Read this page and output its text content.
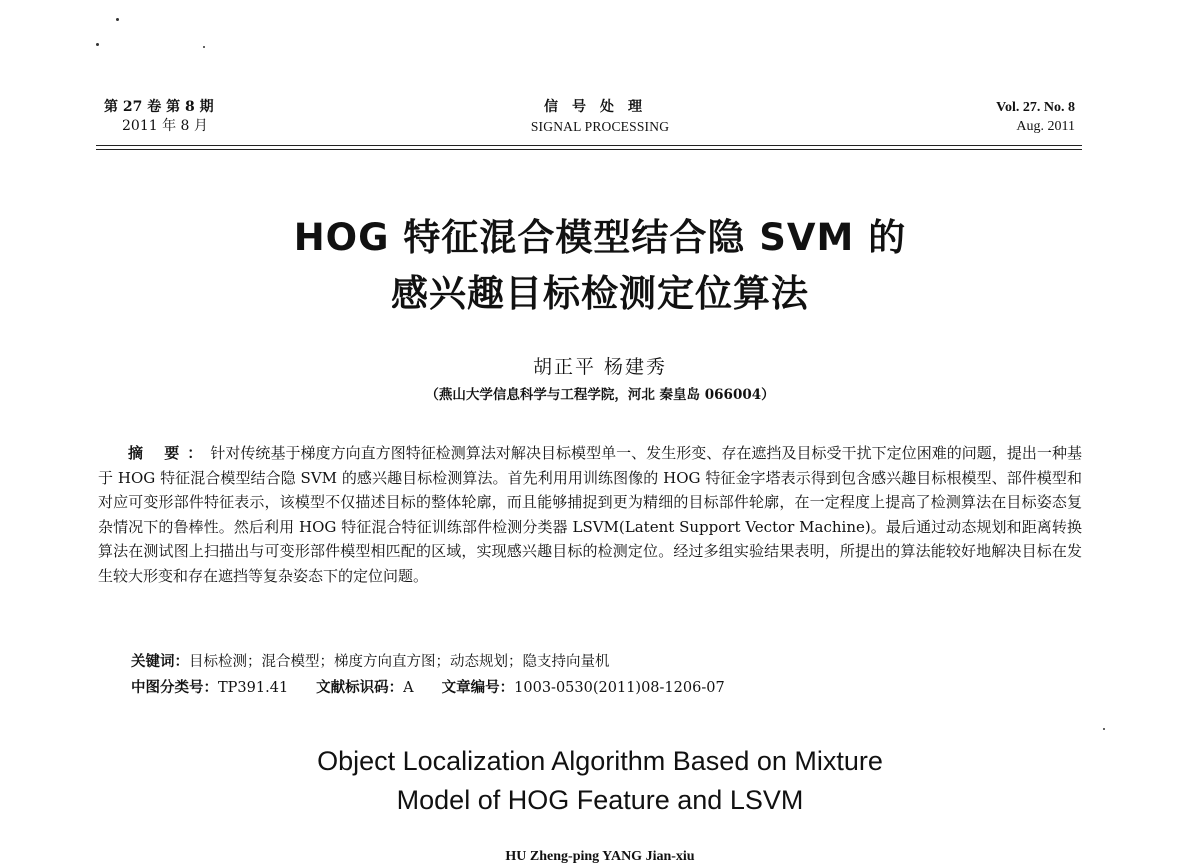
第 27 卷 第 8 期
2011 年 8 月
信号处理
SIGNAL PROCESSING
Vol. 27. No. 8
Aug. 2011
HOG 特征混合模型结合隐 SVM 的
感兴趣目标检测定位算法
胡正平 杨建秀
（燕山大学信息科学与工程学院，河北 秦皇岛 066004）
摘 要：针对传统基于梯度方向直方图特征检测算法对解决目标模型单一、发生形变、存在遮挡及目标受干扰下定位困难的问题，提出一种基于 HOG 特征混合模型结合隐 SVM 的感兴趣目标检测算法。首先利用用训练图像的 HOG 特征金字塔表示得到包含感兴趣目标根模型、部件模型和对应可变形部件特征表示，该模型不仅描述目标的整体轮廓，而且能够捕捉到更为精细的目标部件轮廓，在一定程度上提高了检测算法在目标姿态复杂情况下的鲁棒性。然后利用 HOG 特征混合特征训练部件检测分类器 LSVM(Latent Support Vector Machine)。最后通过动态规划和距离转换算法在测试图上扫描出与可变形部件模型相匹配的区域，实现感兴趣目标的检测定位。经过多组实验结果表明，所提出的算法能较好地解决目标在发生较大形变和存在遮挡等复杂姿态下的定位问题。
关键词：目标检测；混合模型；梯度方向直方图；动态规划；隐支持向量机
中图分类号：TP391.41 文献标识码：A 文章编号：1003-0530(2011)08-1206-07
Object Localization Algorithm Based on Mixture
Model of HOG Feature and LSVM
HU Zheng-ping YANG Jian-xiu
